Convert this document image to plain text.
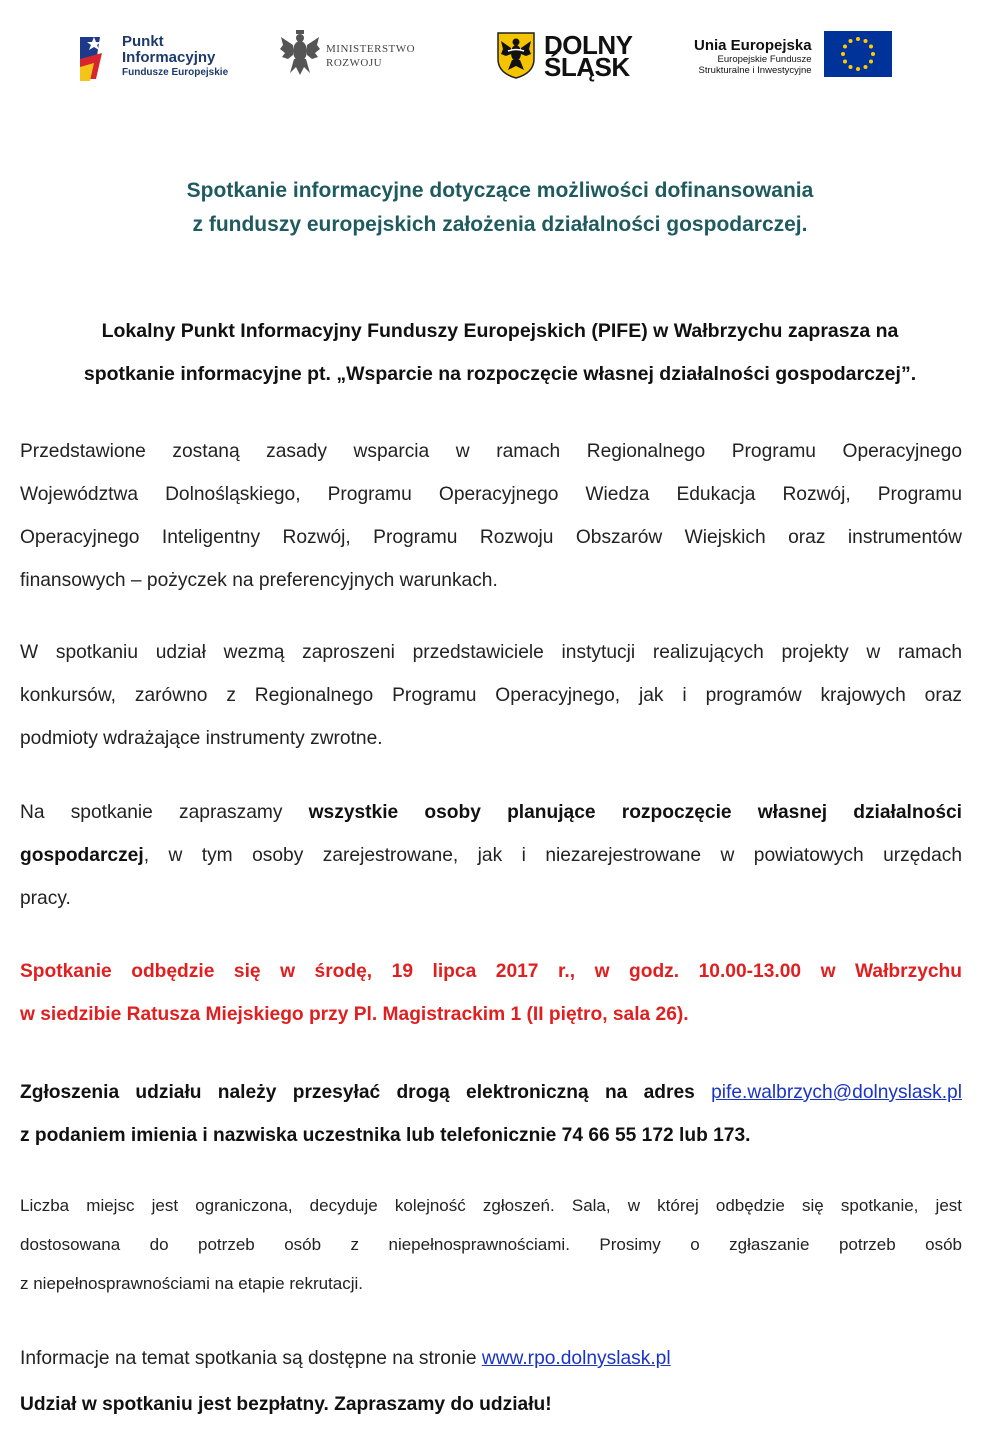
Punkt
Informacyjny
Fundusze Europejskie
MINISTERSTWO
ROZWOJU
DOLNY
ŚLĄSK
Unia Europejska
Europejskie Fundusze
Strukturalne i Inwestycyjne
Spotkanie informacyjne dotyczące możliwości dofinansowania
z funduszy europejskich założenia działalności gospodarczej.

Lokalny Punkt Informacyjny Funduszy Europejskich (PIFE) w Wałbrzychu zaprasza na
spotkanie informacyjne pt. „Wsparcie na rozpoczęcie własnej działalności gospodarczej”.

Przedstawione zostaną zasady wsparcia w ramach Regionalnego Programu Operacyjnego
Województwa Dolnośląskiego, Programu Operacyjnego Wiedza Edukacja Rozwój, Programu
Operacyjnego Inteligentny Rozwój, Programu Rozwoju Obszarów Wiejskich oraz instrumentów
finansowych – pożyczek na preferencyjnych warunkach.

W spotkaniu udział wezmą zaproszeni przedstawiciele instytucji realizujących projekty w ramach
konkursów, zarówno z Regionalnego Programu Operacyjnego, jak i programów krajowych oraz
podmioty wdrażające instrumenty zwrotne.

Na spotkanie zapraszamy wszystkie osoby planujące rozpoczęcie własnej działalności
gospodarczej, w tym osoby zarejestrowane, jak i niezarejestrowane w powiatowych urzędach
pracy.

Spotkanie odbędzie się w środę, 19 lipca 2017 r., w godz. 10.00-13.00 w Wałbrzychu
w siedzibie Ratusza Miejskiego przy Pl. Magistrackim 1 (II piętro, sala 26).

Zgłoszenia udziału należy przesyłać drogą elektroniczną na adres pife.walbrzych@dolnyslask.pl
z podaniem imienia i nazwiska uczestnika lub telefonicznie 74 66 55 172 lub 173.

Liczba miejsc jest ograniczona, decyduje kolejność zgłoszeń. Sala, w której odbędzie się spotkanie, jest
dostosowana do potrzeb osób z niepełnosprawnościami. Prosimy o zgłaszanie potrzeb osób
z niepełnosprawnościami na etapie rekrutacji.

Informacje na temat spotkania są dostępne na stronie www.rpo.dolnyslask.pl

Udział w spotkaniu jest bezpłatny. Zapraszamy do udziału!
